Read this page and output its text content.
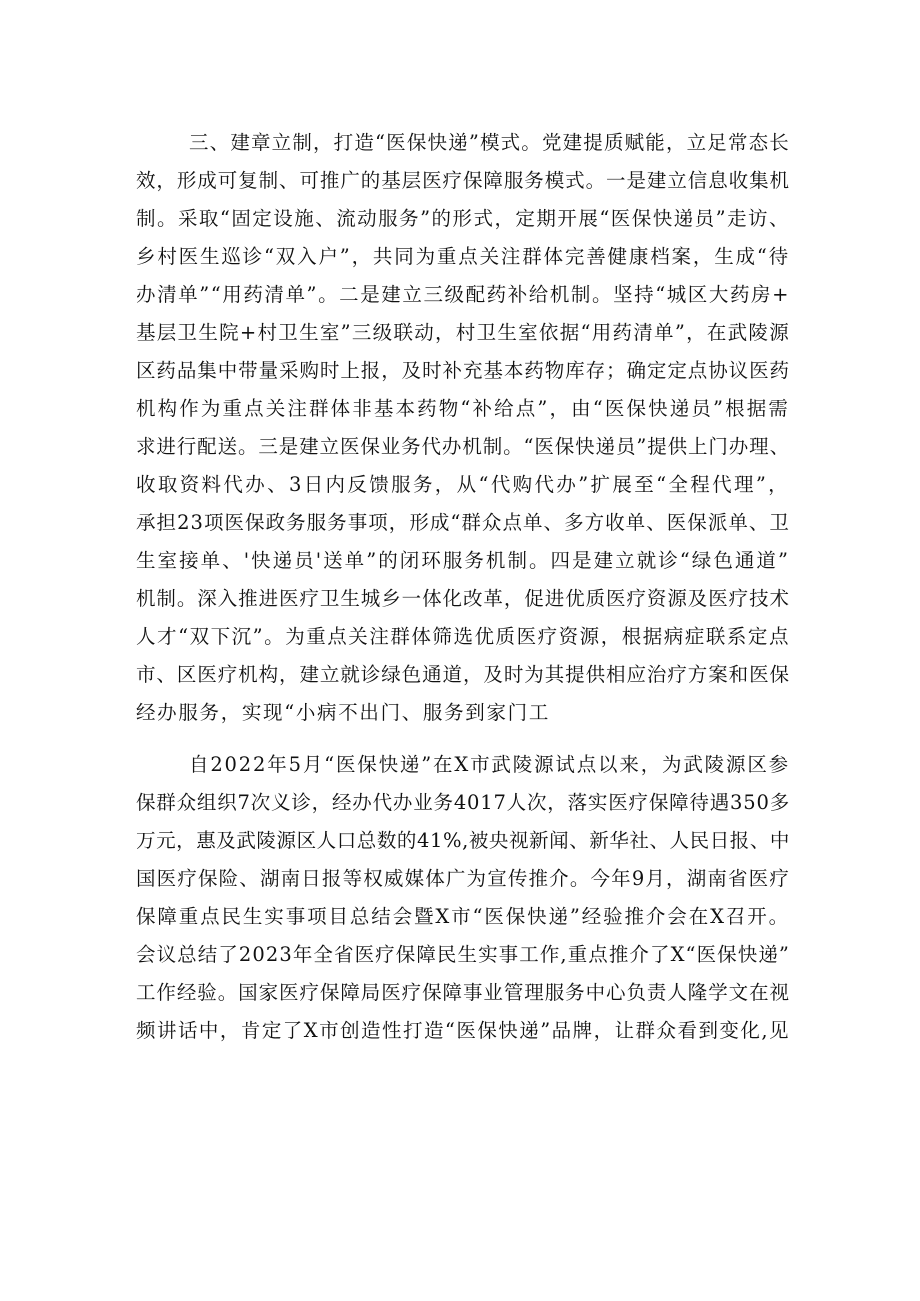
三、建章立制，打造“医保快递”模式。党建提质赋能，立足常态长
效，形成可复制、可推广的基层医疗保障服务模式。一是建立信息收集机
制。采取“固定设施、流动服务”的形式，定期开展“医保快递员”走访、
乡村医生巡诊“双入户”，共同为重点关注群体完善健康档案，生成“待
办清单”“用药清单”。二是建立三级配药补给机制。坚持“城区大药房+
基层卫生院+村卫生室”三级联动，村卫生室依据“用药清单”，在武陵源
区药品集中带量采购时上报，及时补充基本药物库存；确定定点协议医药
机构作为重点关注群体非基本药物“补给点”，由“医保快递员”根据需
求进行配送。三是建立医保业务代办机制。“医保快递员”提供上门办理、
收取资料代办、3日内反馈服务，从“代购代办”扩展至“全程代理”，
承担23项医保政务服务事项，形成“群众点单、多方收单、医保派单、卫
生室接单、'快递员'送单”的闭环服务机制。四是建立就诊“绿色通道”
机制。深入推进医疗卫生城乡一体化改革，促进优质医疗资源及医疗技术
人才“双下沉”。为重点关注群体筛选优质医疗资源，根据病症联系定点
市、区医疗机构，建立就诊绿色通道，及时为其提供相应治疗方案和医保
经办服务，实现“小病不出门、服务到家门工
自2022年5月“医保快递”在X市武陵源试点以来，为武陵源区参
保群众组织7次义诊，经办代办业务4017人次，落实医疗保障待遇350多
万元，惠及武陵源区人口总数的41%,被央视新闻、新华社、人民日报、中
国医疗保险、湖南日报等权威媒体广为宣传推介。今年9月，湖南省医疗
保障重点民生实事项目总结会暨X市“医保快递”经验推介会在X召开。
会议总结了2023年全省医疗保障民生实事工作,重点推介了X“医保快递”
工作经验。国家医疗保障局医疗保障事业管理服务中心负责人隆学文在视
频讲话中，肯定了X市创造性打造“医保快递”品牌，让群众看到变化,见
